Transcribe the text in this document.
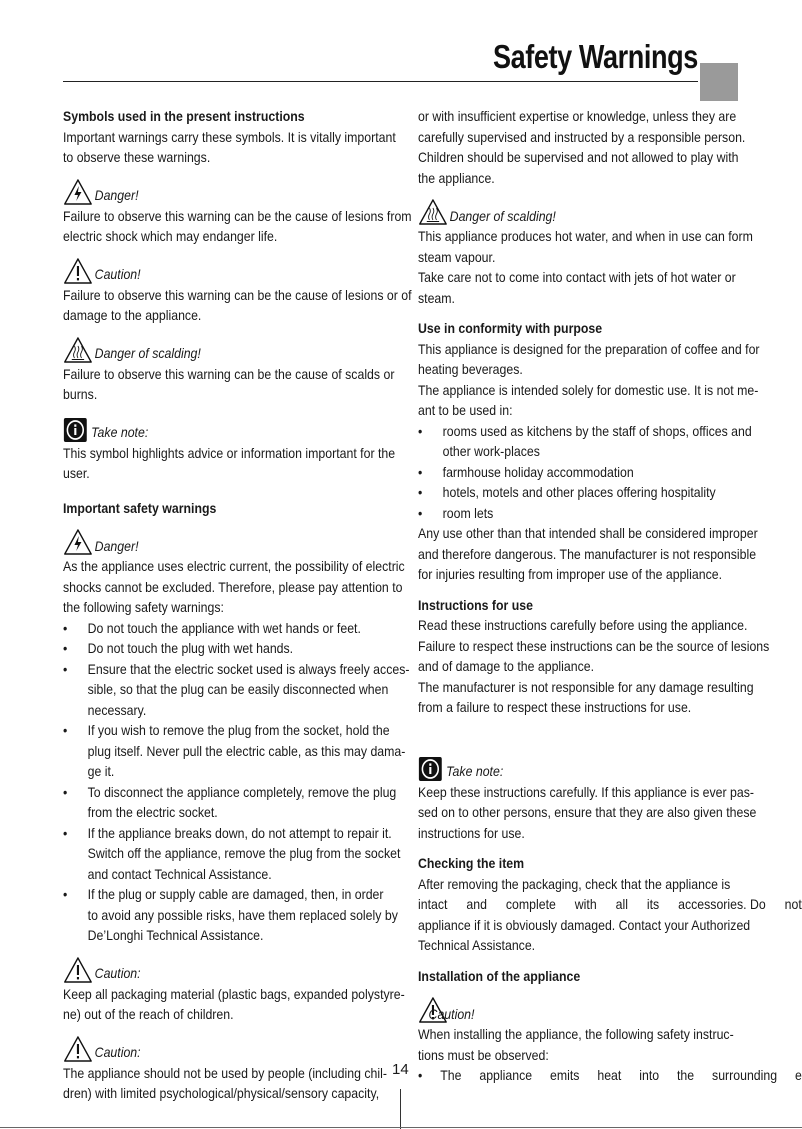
Safety Warnings

Symbols used in the present instructions

Important warnings carry these symbols. It is vitally important

to observe these warnings.

Danger!

Failure to observe this warning can be the cause of lesions from

electric shock which may endanger life.

Caution!

Failure to observe this warning can be the cause of lesions or of

damage to the appliance.

Danger of scalding!

Failure to observe this warning can be the cause of scalds or

burns.

Take note:

This symbol highlights advice or information important for the

user.

Important safety warnings

Danger!

As the appliance uses electric current, the possibility of electric

shocks cannot be excluded. Therefore, please pay attention to

the following safety warnings:

• Do not touch the appliance with wet hands or feet.
• Do not touch the plug with wet hands.
• Ensure that the electric socket used is always freely acces-
sible, so that the plug can be easily disconnected when
necessary.
• If you wish to remove the plug from the socket, hold the
plug itself. Never pull the electric cable, as this may dama-
ge it.
• To disconnect the appliance completely, remove the plug
from the electric socket.
• If the appliance breaks down, do not attempt to repair it.
Switch off the appliance, remove the plug from the socket
and contact Technical Assistance.
• If the plug or supply cable are damaged, then, in order
to avoid any possible risks, have them replaced solely by
De’Longhi Technical Assistance.
Caution:

Keep all packaging material (plastic bags, expanded polystyre-

ne) out of the reach of children.

Caution:

The appliance should not be used by people (including chil-

dren) with limited psychological/physical/sensory capacity,

or with insufficient expertise or knowledge, unless they are

carefully supervised and instructed by a responsible person.

Children should be supervised and not allowed to play with

the appliance.

Danger of scalding!

This appliance produces hot water, and when in use can form

steam vapour.

Take care not to come into contact with jets of hot water or

steam.

Use in conformity with purpose

This appliance is designed for the preparation of coffee and for

heating beverages.

The appliance is intended solely for domestic use. It is not me-

ant to be used in:

• rooms used as kitchens by the staff of shops, offices and
other work-places
• farmhouse holiday accommodation
• hotels, motels and other places offering hospitality
• room lets

Any use other than that intended shall be considered improper

and therefore dangerous. The manufacturer is not responsible

for injuries resulting from improper use of the appliance.

Instructions for use

Read these instructions carefully before using the appliance.

Failure to respect these instructions can be the source of lesions

and of damage to the appliance.

The manufacturer is not responsible for any damage resulting

from a failure to respect these instructions for use.

Take note:

Keep these instructions carefully. If this appliance is ever pas-

sed on to other persons, ensure that they are also given these

instructions for use.

Checking the item

After removing the packaging, check that the appliance is

intact and complete with all its accessories. Do not

appliance if it is obviously damaged. Contact your Authorized

Technical Assistance.

Installation of the appliance

Caution!

When installing the appliance, the following safety instruc-

tions must be observed:

• The appliance emits heat into the surrounding e
14
